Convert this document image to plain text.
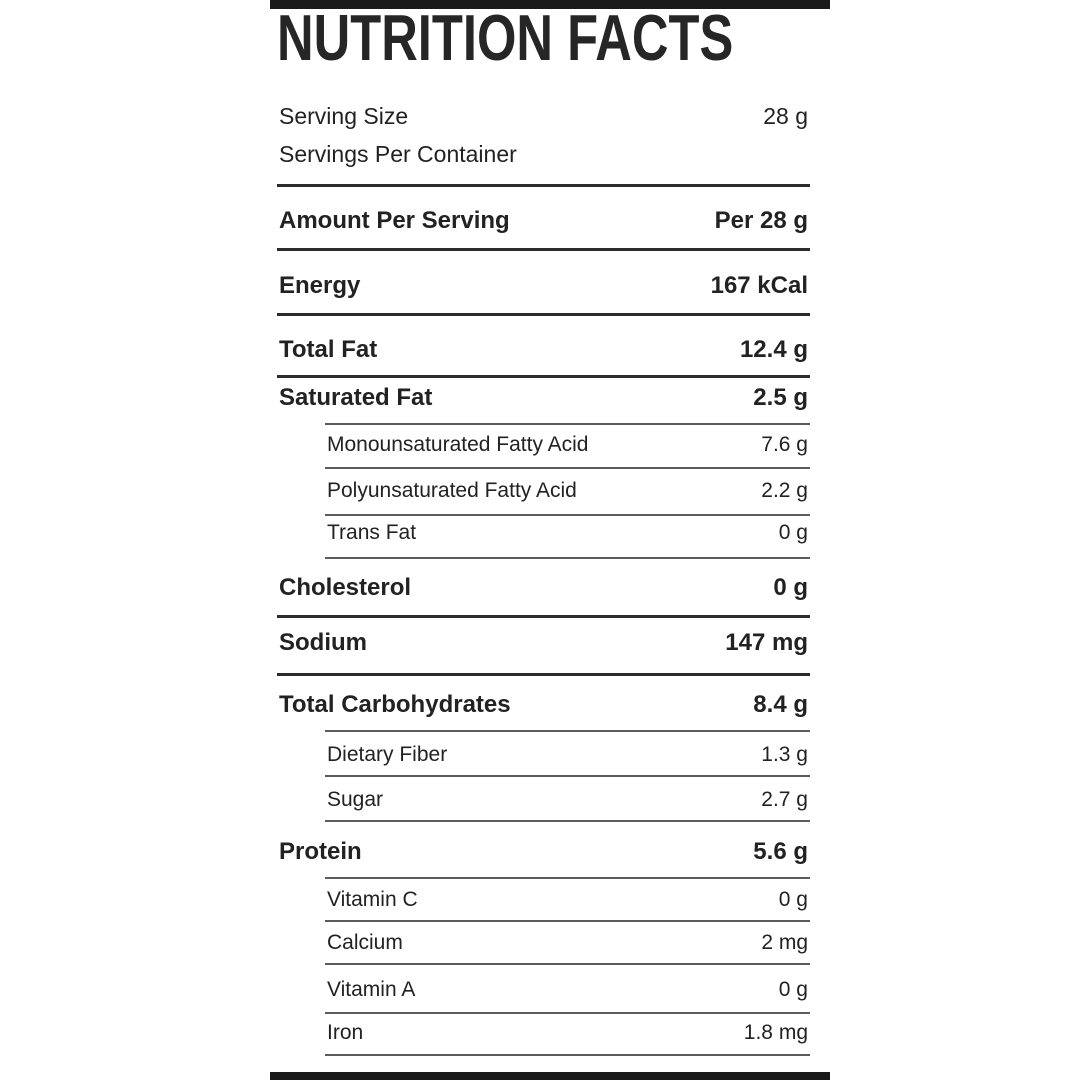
NUTRITION FACTS
Serving Size	28 g
Servings Per Container
Amount Per Serving	Per 28 g
Energy	167 kCal
Total Fat	12.4 g
Saturated Fat	2.5 g
Monounsaturated Fatty Acid	7.6 g
Polyunsaturated Fatty Acid	2.2 g
Trans Fat	0 g
Cholesterol	0 g
Sodium	147 mg
Total Carbohydrates	8.4 g
Dietary Fiber	1.3 g
Sugar	2.7 g
Protein	5.6 g
Vitamin C	0 g
Calcium	2 mg
Vitamin A	0 g
Iron	1.8 mg
